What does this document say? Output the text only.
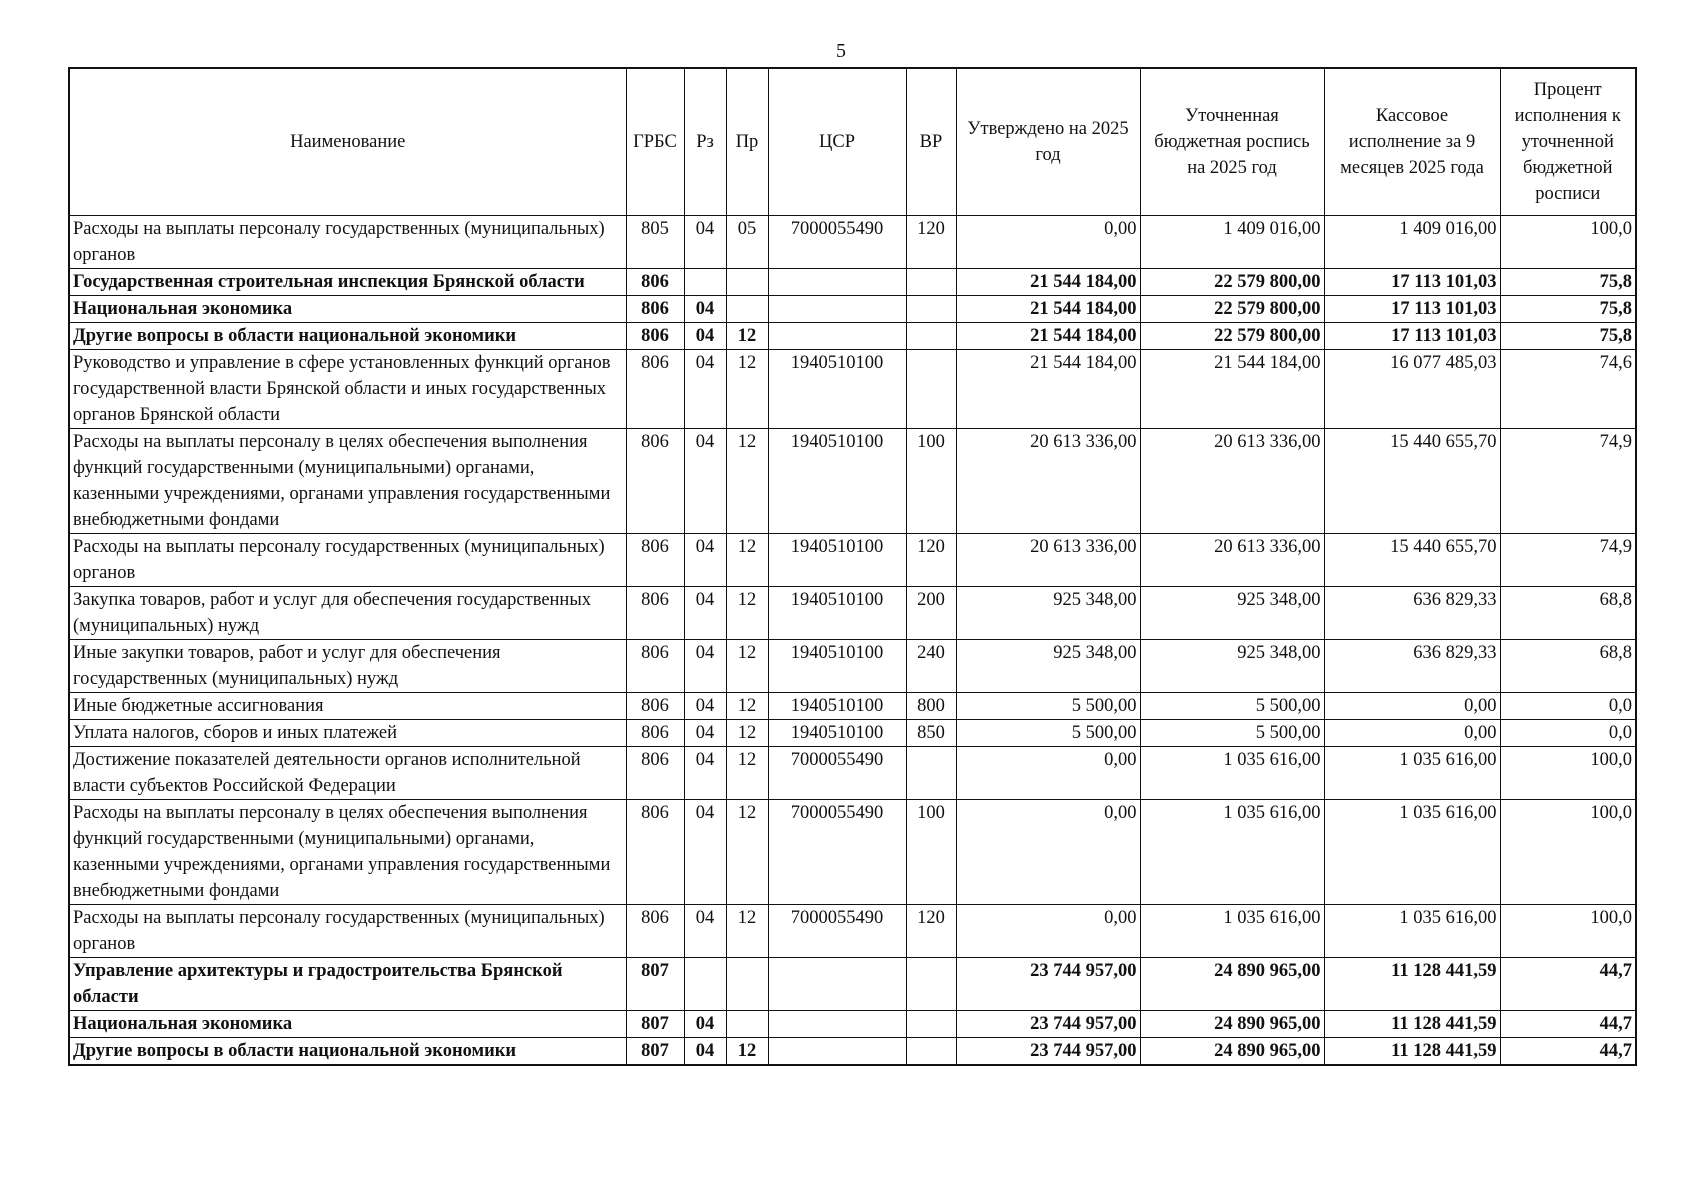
5
Наименование	ГРБС	Рз	Пр	ЦСР	ВР	Утверждено на 2025 год	Уточненная бюджетная роспись на 2025 год	Кассовое исполнение за 9 месяцев 2025 года	Процент исполнения к уточненной бюджетной росписи
Расходы на выплаты персоналу государственных (муниципальных) органов	805	04	05	7000055490	120	0,00	1 409 016,00	1 409 016,00	100,0
Государственная строительная инспекция Брянской области	806					21 544 184,00	22 579 800,00	17 113 101,03	75,8
Национальная экономика	806	04				21 544 184,00	22 579 800,00	17 113 101,03	75,8
Другие вопросы в области национальной экономики	806	04	12			21 544 184,00	22 579 800,00	17 113 101,03	75,8
Руководство и управление в сфере установленных функций органов государственной власти Брянской области и иных государственных органов Брянской области	806	04	12	1940510100		21 544 184,00	21 544 184,00	16 077 485,03	74,6
Расходы на выплаты персоналу в целях обеспечения выполнения функций государственными (муниципальными) органами, казенными учреждениями, органами управления государственными внебюджетными фондами	806	04	12	1940510100	100	20 613 336,00	20 613 336,00	15 440 655,70	74,9
Расходы на выплаты персоналу государственных (муниципальных) органов	806	04	12	1940510100	120	20 613 336,00	20 613 336,00	15 440 655,70	74,9
Закупка товаров, работ и услуг для обеспечения государственных (муниципальных) нужд	806	04	12	1940510100	200	925 348,00	925 348,00	636 829,33	68,8
Иные закупки товаров, работ и услуг для обеспечения государственных (муниципальных) нужд	806	04	12	1940510100	240	925 348,00	925 348,00	636 829,33	68,8
Иные бюджетные ассигнования	806	04	12	1940510100	800	5 500,00	5 500,00	0,00	0,0
Уплата налогов, сборов и иных платежей	806	04	12	1940510100	850	5 500,00	5 500,00	0,00	0,0
Достижение показателей деятельности органов исполнительной власти субъектов Российской Федерации	806	04	12	7000055490		0,00	1 035 616,00	1 035 616,00	100,0
Расходы на выплаты персоналу в целях обеспечения выполнения функций государственными (муниципальными) органами, казенными учреждениями, органами управления государственными внебюджетными фондами	806	04	12	7000055490	100	0,00	1 035 616,00	1 035 616,00	100,0
Расходы на выплаты персоналу государственных (муниципальных) органов	806	04	12	7000055490	120	0,00	1 035 616,00	1 035 616,00	100,0
Управление архитектуры и градостроительства Брянской области	807					23 744 957,00	24 890 965,00	11 128 441,59	44,7
Национальная экономика	807	04				23 744 957,00	24 890 965,00	11 128 441,59	44,7
Другие вопросы в области национальной экономики	807	04	12			23 744 957,00	24 890 965,00	11 128 441,59	44,7
